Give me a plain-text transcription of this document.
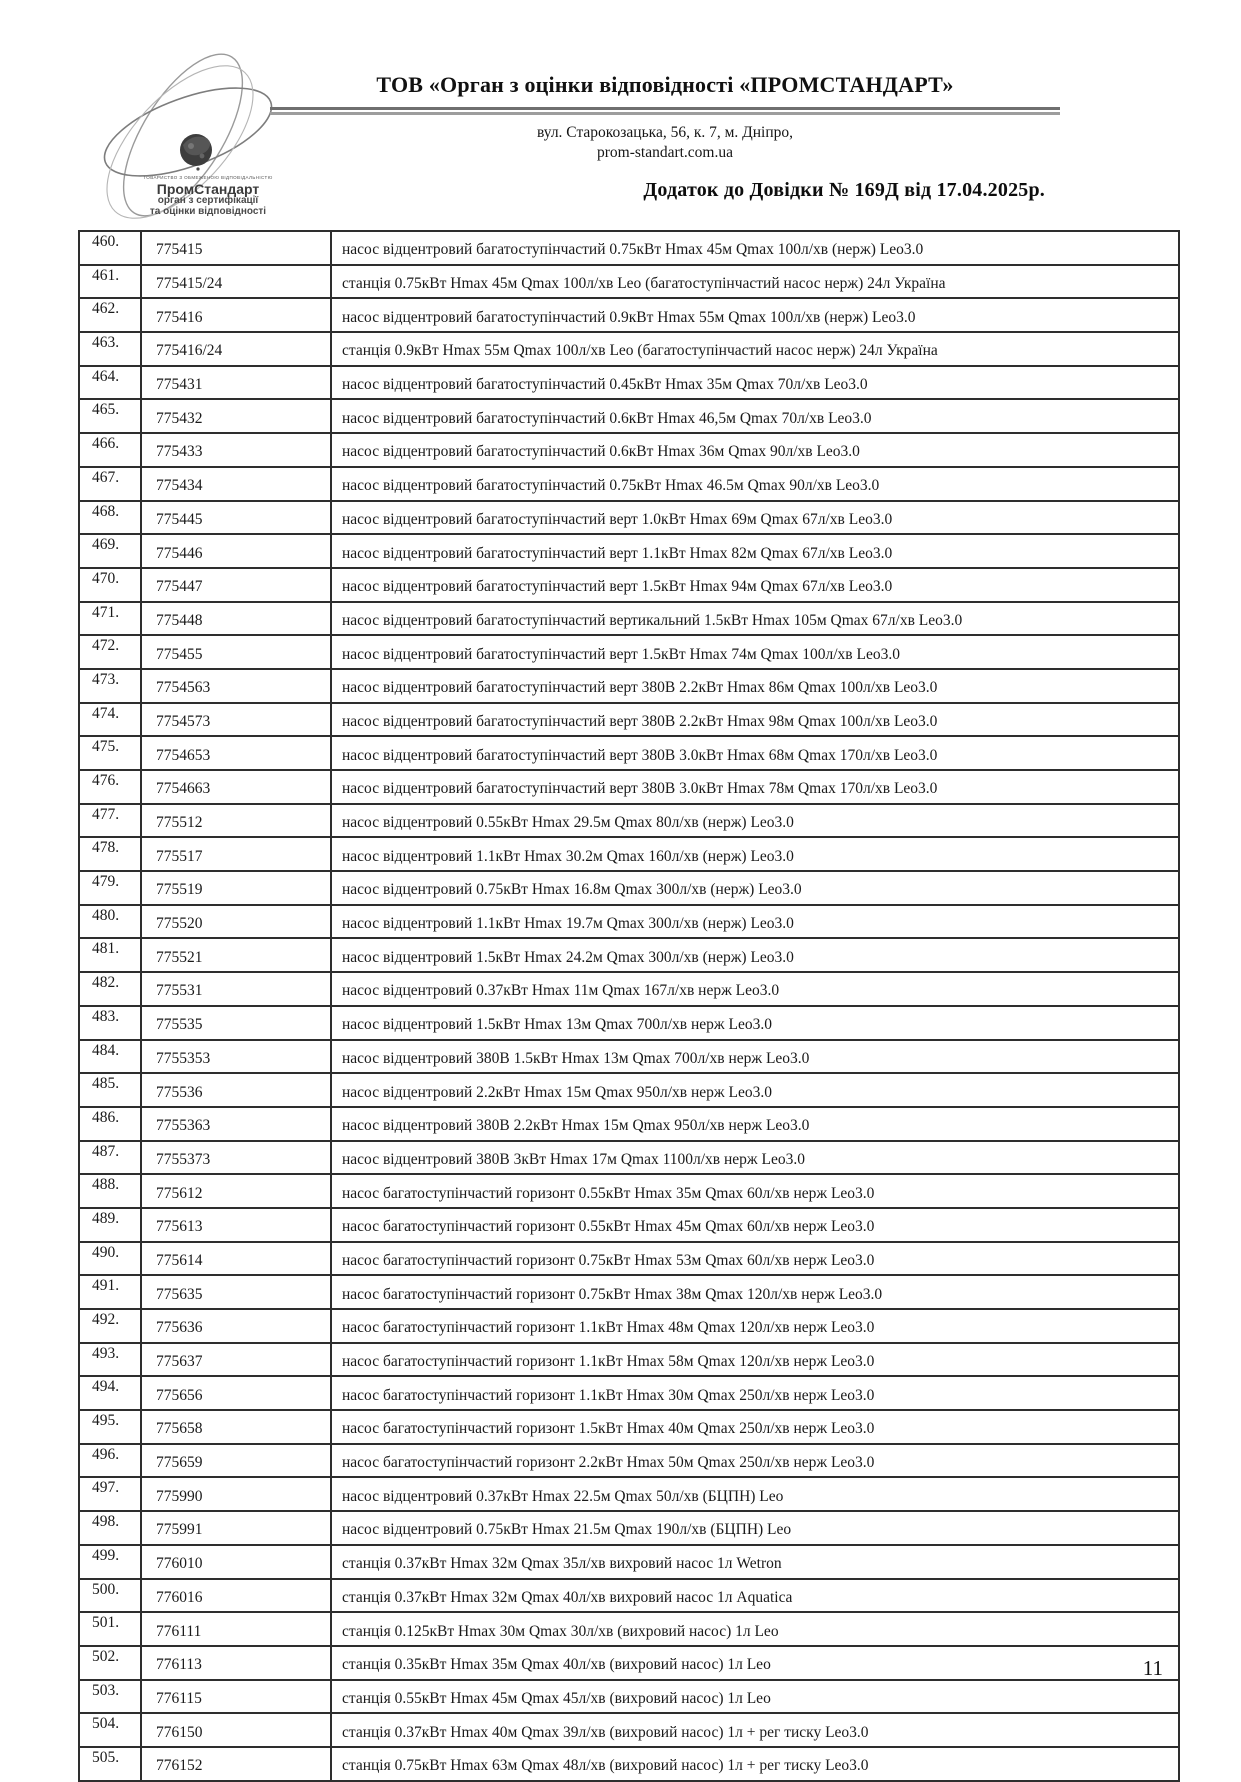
ТОВАРИСТВО З ОБМЕЖЕНОЮ ВІДПОВІДАЛЬНІСТЮ
ПромСтандарт
орган з сертифікації
та оцінки відповідності
ТОВ «Орган з оцінки відповідності «ПРОМСТАНДАРТ»
вул. Старокозацька, 56, к. 7, м. Дніпро,
prom-standart.com.ua
Додаток до Довідки № 169Д від 17.04.2025р.
460.	775415	насос відцентровий багатоступінчастий 0.75кВт Hmax 45м Qmax 100л/хв (нерж) Leo3.0
461.	775415/24	станція 0.75кВт Hmax 45м Qmax 100л/хв Leo (багатоступінчастий насос нерж) 24л Україна
462.	775416	насос відцентровий багатоступінчастий 0.9кВт Hmax 55м Qmax 100л/хв (нерж) Leo3.0
463.	775416/24	станція 0.9кВт Hmax 55м Qmax 100л/хв Leo (багатоступінчастий насос нерж) 24л Україна
464.	775431	насос відцентровий багатоступінчастий 0.45кВт Hmax 35м Qmax 70л/хв Leo3.0
465.	775432	насос відцентровий багатоступінчастий 0.6кВт Hmax 46,5м Qmax 70л/хв Leo3.0
466.	775433	насос відцентровий багатоступінчастий 0.6кВт Hmax 36м Qmax 90л/хв Leo3.0
467.	775434	насос відцентровий багатоступінчастий 0.75кВт Hmax 46.5м Qmax 90л/хв Leo3.0
468.	775445	насос відцентровий багатоступінчастий верт 1.0кВт Hmax 69м Qmax 67л/хв Leo3.0
469.	775446	насос відцентровий багатоступінчастий верт 1.1кВт Hmax 82м Qmax 67л/хв Leo3.0
470.	775447	насос відцентровий багатоступінчастий верт 1.5кВт Hmax 94м Qmax 67л/хв Leo3.0
471.	775448	насос відцентровий багатоступінчастий вертикальний 1.5кВт Hmax 105м Qmax 67л/хв Leo3.0
472.	775455	насос відцентровий багатоступінчастий верт 1.5кВт Hmax 74м Qmax 100л/хв Leo3.0
473.	7754563	насос відцентровий багатоступінчастий верт 380В 2.2кВт Hmax 86м Qmax 100л/хв Leo3.0
474.	7754573	насос відцентровий багатоступінчастий верт 380В 2.2кВт Hmax 98м Qmax 100л/хв Leo3.0
475.	7754653	насос відцентровий багатоступінчастий верт 380В 3.0кВт Hmax 68м Qmax 170л/хв Leo3.0
476.	7754663	насос відцентровий багатоступінчастий верт 380В 3.0кВт Hmax 78м Qmax 170л/хв Leo3.0
477.	775512	насос відцентровий 0.55кВт Hmax 29.5м Qmax 80л/хв (нерж) Leo3.0
478.	775517	насос відцентровий 1.1кВт Hmax 30.2м Qmax 160л/хв (нерж) Leo3.0
479.	775519	насос відцентровий 0.75кВт Hmax 16.8м Qmax 300л/хв (нерж) Leo3.0
480.	775520	насос відцентровий 1.1кВт Hmax 19.7м Qmax 300л/хв (нерж) Leo3.0
481.	775521	насос відцентровий 1.5кВт Hmax 24.2м Qmax 300л/хв (нерж) Leo3.0
482.	775531	насос відцентровий 0.37кВт Hmax 11м Qmax 167л/хв нерж Leo3.0
483.	775535	насос відцентровий 1.5кВт Hmax 13м Qmax 700л/хв нерж Leo3.0
484.	7755353	насос відцентровий 380В 1.5кВт Hmax 13м Qmax 700л/хв нерж Leo3.0
485.	775536	насос відцентровий 2.2кВт Hmax 15м Qmax 950л/хв нерж Leo3.0
486.	7755363	насос відцентровий 380В 2.2кВт Hmax 15м Qmax 950л/хв нерж Leo3.0
487.	7755373	насос відцентровий 380В 3кВт Hmax 17м Qmax 1100л/хв нерж Leo3.0
488.	775612	насос багатоступінчастий горизонт 0.55кВт Hmax 35м Qmax 60л/хв нерж Leo3.0
489.	775613	насос багатоступінчастий горизонт 0.55кВт Hmax 45м Qmax 60л/хв нерж Leo3.0
490.	775614	насос багатоступінчастий горизонт 0.75кВт Hmax 53м Qmax 60л/хв нерж Leo3.0
491.	775635	насос багатоступінчастий горизонт 0.75кВт Hmax 38м Qmax 120л/хв нерж Leo3.0
492.	775636	насос багатоступінчастий горизонт 1.1кВт Hmax 48м Qmax 120л/хв нерж Leo3.0
493.	775637	насос багатоступінчастий горизонт 1.1кВт Hmax 58м Qmax 120л/хв нерж Leo3.0
494.	775656	насос багатоступінчастий горизонт 1.1кВт Hmax 30м Qmax 250л/хв нерж Leo3.0
495.	775658	насос багатоступінчастий горизонт 1.5кВт Hmax 40м Qmax 250л/хв нерж Leo3.0
496.	775659	насос багатоступінчастий горизонт 2.2кВт Hmax 50м Qmax 250л/хв нерж Leo3.0
497.	775990	насос відцентровий 0.37кВт Hmax 22.5м Qmax 50л/хв (БЦПН) Leo
498.	775991	насос відцентровий 0.75кВт Hmax 21.5м Qmax 190л/хв (БЦПН) Leo
499.	776010	станція 0.37кВт Hmax 32м Qmax 35л/хв вихровий насос 1л Wetron
500.	776016	станція 0.37кВт Hmax 32м Qmax 40л/хв вихровий насос 1л Aquatica
501.	776111	станція 0.125кВт Hmax 30м Qmax 30л/хв (вихровий насос) 1л Leo
502.	776113	станція 0.35кВт Hmax 35м Qmax 40л/хв (вихровий насос) 1л Leo
503.	776115	станція 0.55кВт Hmax 45м Qmax 45л/хв (вихровий насос) 1л Leo
504.	776150	станція 0.37кВт Hmax 40м Qmax 39л/хв (вихровий насос) 1л + рег тиску Leo3.0
505.	776152	станція 0.75кВт Hmax 63м Qmax 48л/хв (вихровий насос) 1л + рег тиску Leo3.0
11
